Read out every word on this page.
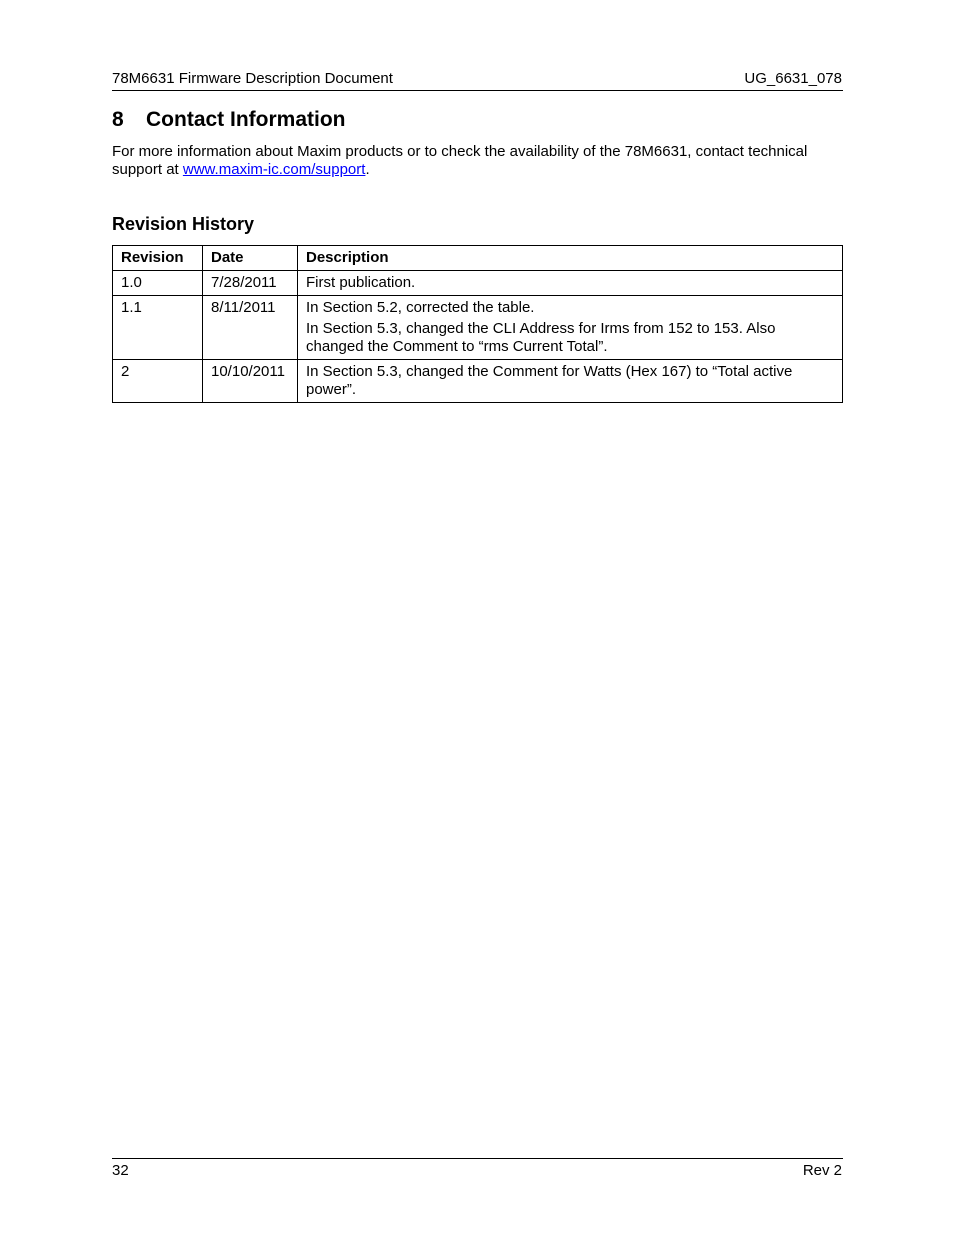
78M6631 Firmware Description Document	UG_6631_078
8 Contact Information
For more information about Maxim products or to check the availability of the 78M6631, contact technical support at www.maxim-ic.com/support.
Revision History
Revision	Date	Description
1.0	7/28/2011	First publication.

1.1	8/11/2011	In Section 5.2, corrected the table.

In Section 5.3, changed the CLI Address for Irms from 152 to 153. Also changed the Comment to “rms Current Total”.

2	10/10/2011	In Section 5.3, changed the Comment for Watts (Hex 167) to “Total active power”.

32	Rev 2
